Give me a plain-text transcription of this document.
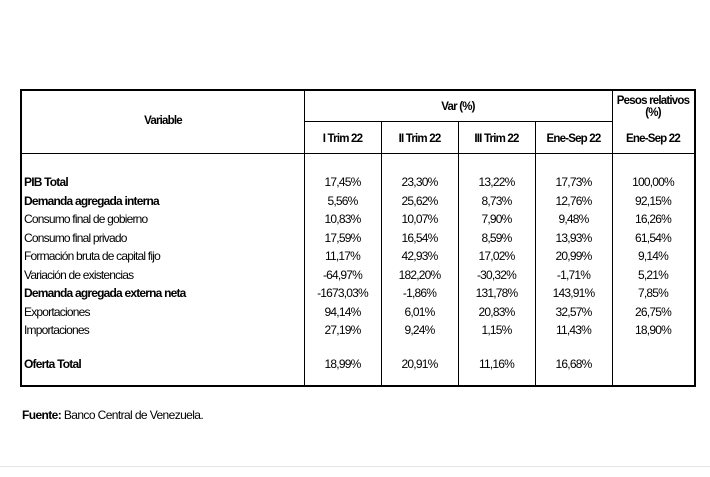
Variable
Var (%)	Pesos relativos (%)
I Trim 22	II Trim 22	III Trim 22	Ene-Sep 22	Ene-Sep 22
PIB Total	17,45%	23,30%	13,22%	17,73%	100,00%
Demanda agregada interna	5,56%	25,62%	8,73%	12,76%	92,15%
Consumo final de gobierno	10,83%	10,07%	7,90%	9,48%	16,26%
Consumo final privado	17,59%	16,54%	8,59%	13,93%	61,54%
Formación bruta de capital fijo	11,17%	42,93%	17,02%	20,99%	9,14%
Variación de existencias	-64,97%	182,20%	-30,32%	-1,71%	5,21%
Demanda agregada externa neta	-1673,03%	-1,86%	131,78%	143,91%	7,85%
Exportaciones	94,14%	6,01%	20,83%	32,57%	26,75%
Importaciones	27,19%	9,24%	1,15%	11,43%	18,90%
Oferta Total	18,99%	20,91%	11,16%	16,68%
Fuente: Banco Central de Venezuela.
